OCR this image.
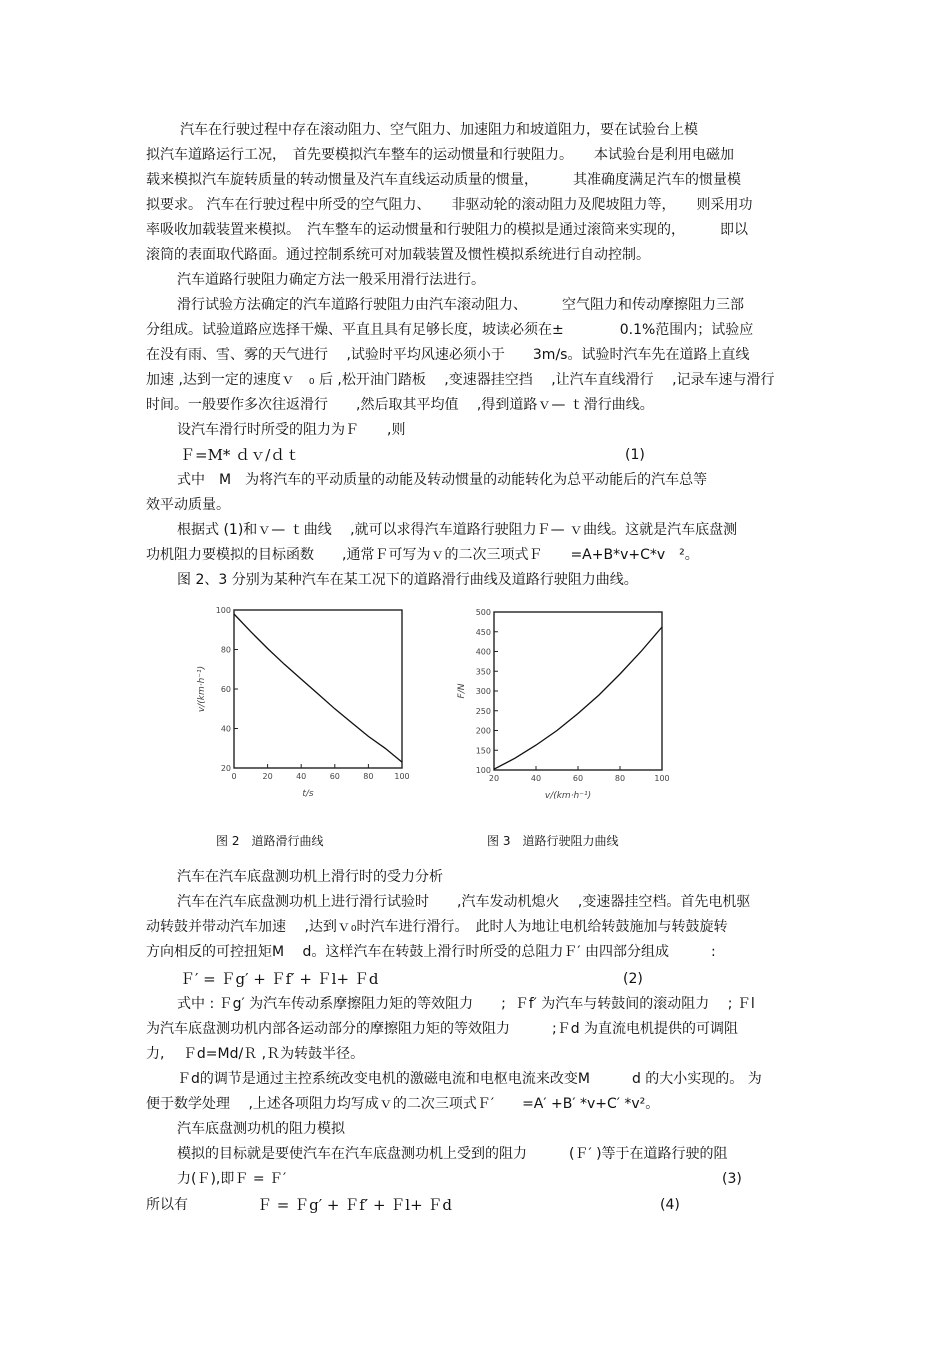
汽车在行驶过程中存在滚动阻力、空气阻力、加速阻力和坡道阻力，要在试验台上模
拟汽车道路运行工况，　首先要模拟汽车整车的运动惯量和行驶阻力。　　本试验台是利用电磁加
载来模拟汽车旋转质量的转动惯量及汽车直线运动质量的惯量，　　　其准确度满足汽车的惯量模
拟要求。 汽车在行驶过程中所受的空气阻力、　　非驱动轮的滚动阻力及爬坡阻力等，　　则采用功
率吸收加载装置来模拟。　汽车整车的运动惯量和行驶阻力的模拟是通过滚筒来实现的，　　　即以
滚筒的表面取代路面。通过控制系统可对加载装置及惯性模拟系统进行自动控制。
汽车道路行驶阻力确定方法一般采用滑行法进行。
滑行试验方法确定的汽车道路行驶阻力由汽车滚动阻力、　　　空气阻力和传动摩擦阻力三部
分组成。试验道路应选择干燥、平直且具有足够长度，坡读必须在±　　　　0.1%范围内；试验应
在没有雨、雪、雾的天气进行　 ,试验时平均风速必须小于　　3m/s。试验时汽车先在道路上直线
加速 ,达到一定的速度ｖ　₀ 后 ,松开油门踏板 　,变速器挂空挡 　,让汽车直线滑行 　,记录车速与滑行
时间。一般要作多次往返滑行　　,然后取其平均值 　,得到道路ｖ— ｔ滑行曲线。
设汽车滑行时所受的阻力为Ｆ　　,则
Ｆ=M* ｄｖ/ｄｔ	(1)
式中　M　为将汽车的平动质量的动能及转动惯量的动能转化为总平动能后的汽车总等
效平动质量。
根据式 (1)和ｖ— ｔ曲线 　,就可以求得汽车道路行驶阻力Ｆ— ｖ曲线。这就是汽车底盘测
功机阻力要模拟的目标函数　　,通常Ｆ可写为ｖ的二次三项式Ｆ　　=A+B*v+C*v　²。
图 2、3 分别为某种汽车在某工况下的道路滑行曲线及道路行驶阻力曲线。
0	20	40	60	80	100
100
80
60
40
20
t/s
v/(km·h⁻¹)
20	40	60	80	100
500
450
400
350
300
250
200
150
100
v/(km·h⁻¹)
F/N
图 2　道路滑行曲线	图 3　道路行驶阻力曲线
汽车在汽车底盘测功机上滑行时的受力分析
汽车在汽车底盘测功机上进行滑行试验时　　,汽车发动机熄火 　,变速器挂空档。首先电机驱
动转鼓并带动汽车加速　 ,达到ｖ₀时汽车进行滑行。　此时人为地让电机给转鼓施加与转鼓旋转
方向相反的可控扭矩M　 d。这样汽车在转鼓上滑行时所受的总阻力Ｆ′ 由四部分组成　　　:
Ｆ′ = Ｆg′ + Ｆf′ + Ｆl+ Ｆd	(2)
式中 : Ｆg′ 为汽车传动系摩擦阻力矩的等效阻力　　;  Ｆf′ 为汽车与转鼓间的滚动阻力　 ; Ｆl
为汽车底盘测功机内部各运动部分的摩擦阻力矩的等效阻力　　　;Ｆd 为直流电机提供的可调阻
力,　 Ｆd=Md/Ｒ ,Ｒ为转鼓半径。
Ｆd的调节是通过主控系统改变电机的激磁电流和电枢电流来改变M　　　d 的大小实现的。 为
便于数学处理 　,上述各项阻力均写成ｖ的二次三项式Ｆ′　　=A′ +B′ *v+C′ *v²。
汽车底盘测功机的阻力模拟
模拟的目标就是要使汽车在汽车底盘测功机上受到的阻力　　　(Ｆ′ )等于在道路行驶的阻
力(Ｆ),即Ｆ = Ｆ′	(3)
所以有	Ｆ = Ｆg′ + Ｆf′ + Ｆl+ Ｆd	(4)
